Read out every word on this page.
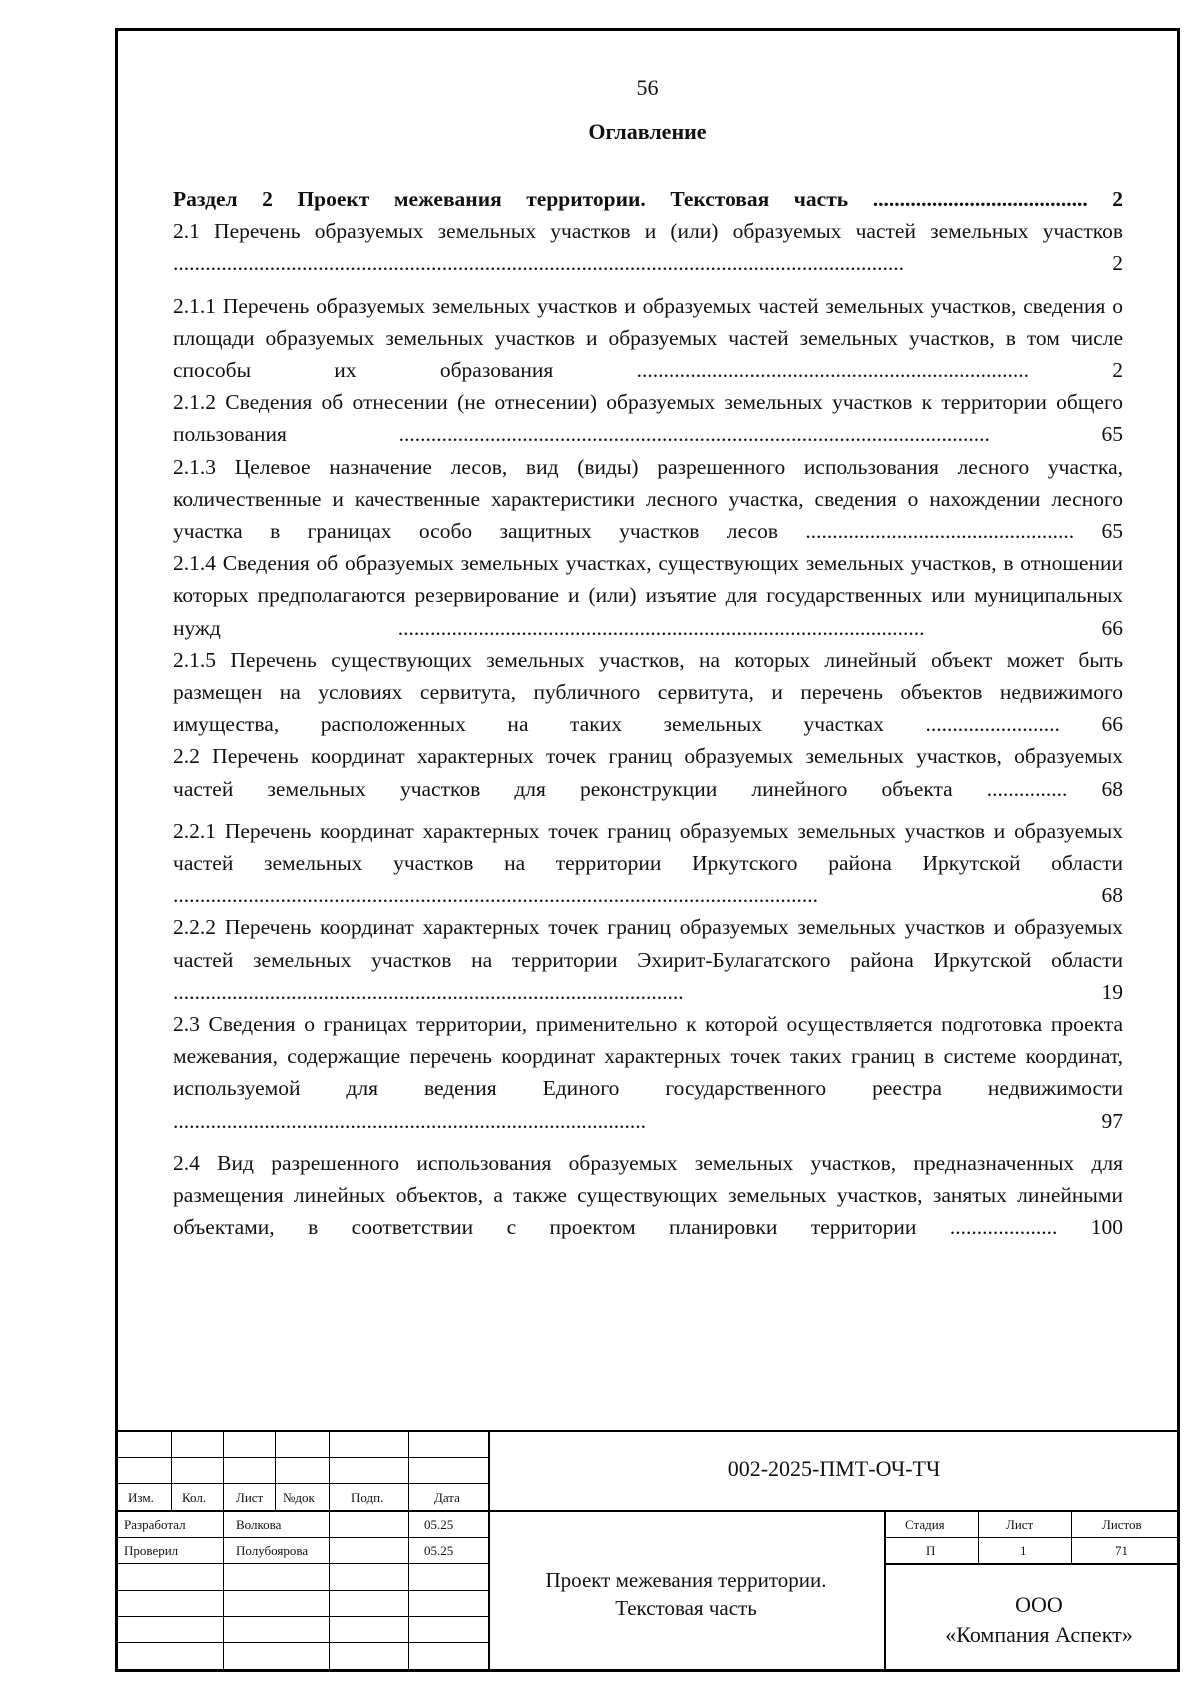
56
Оглавление

Раздел 2 Проект межевания территории. Текстовая часть ........................................ 2

2.1 Перечень образуемых земельных участков и (или) образуемых частей земельных участков ........................................................................................................................................ 2

2.1.1 Перечень образуемых земельных участков и образуемых частей земельных участков, сведения о площади образуемых земельных участков и образуемых частей земельных участков, в том числе способы их образования ......................................................................... 2

2.1.2 Сведения об отнесении (не отнесении) образуемых земельных участков к территории общего пользования .............................................................................................................. 65

2.1.3 Целевое назначение лесов, вид (виды) разрешенного использования лесного участка, количественные и качественные характеристики лесного участка, сведения о нахождении лесного участка в границах особо защитных участков лесов .................................................. 65

2.1.4 Сведения об образуемых земельных участках, существующих земельных участков, в отношении которых предполагаются резервирование и (или) изъятие для государственных или муниципальных нужд .................................................................................................. 66

2.1.5 Перечень существующих земельных участков, на которых линейный объект может быть размещен на условиях сервитута, публичного сервитута, и перечень объектов недвижимого имущества, расположенных на таких земельных участках ......................... 66

2.2 Перечень координат характерных точек границ образуемых земельных участков, образуемых частей земельных участков для реконструкции линейного объекта ............... 68

2.2.1 Перечень координат характерных точек границ образуемых земельных участков и образуемых частей земельных участков на территории Иркутского района Иркутской области ........................................................................................................................ 68

2.2.2 Перечень координат характерных точек границ образуемых земельных участков и образуемых частей земельных участков на территории Эхирит-Булагатского района Иркутской области ............................................................................................... 19

2.3 Сведения о границах территории, применительно к которой осуществляется подготовка проекта межевания, содержащие перечень координат характерных точек таких границ в системе координат, используемой для ведения Единого государственного реестра недвижимости ........................................................................................ 97

2.4 Вид разрешенного использования образуемых земельных участков, предназначенных для размещения линейных объектов, а также существующих земельных участков, занятых линейными объектами, в соответствии с проектом планировки территории .................... 100

Изм. Кол. Лист №док	Подп.	Дата
Разработал	Волкова	05.25
Проверил	Полубоярова	05.25
002-2025-ПМТ-ОЧ-ТЧ
Проект межевания территории.
Текстовая часть
Стадия	Лист	Листов
П	1	71
ООО
«Компания Аспект»
